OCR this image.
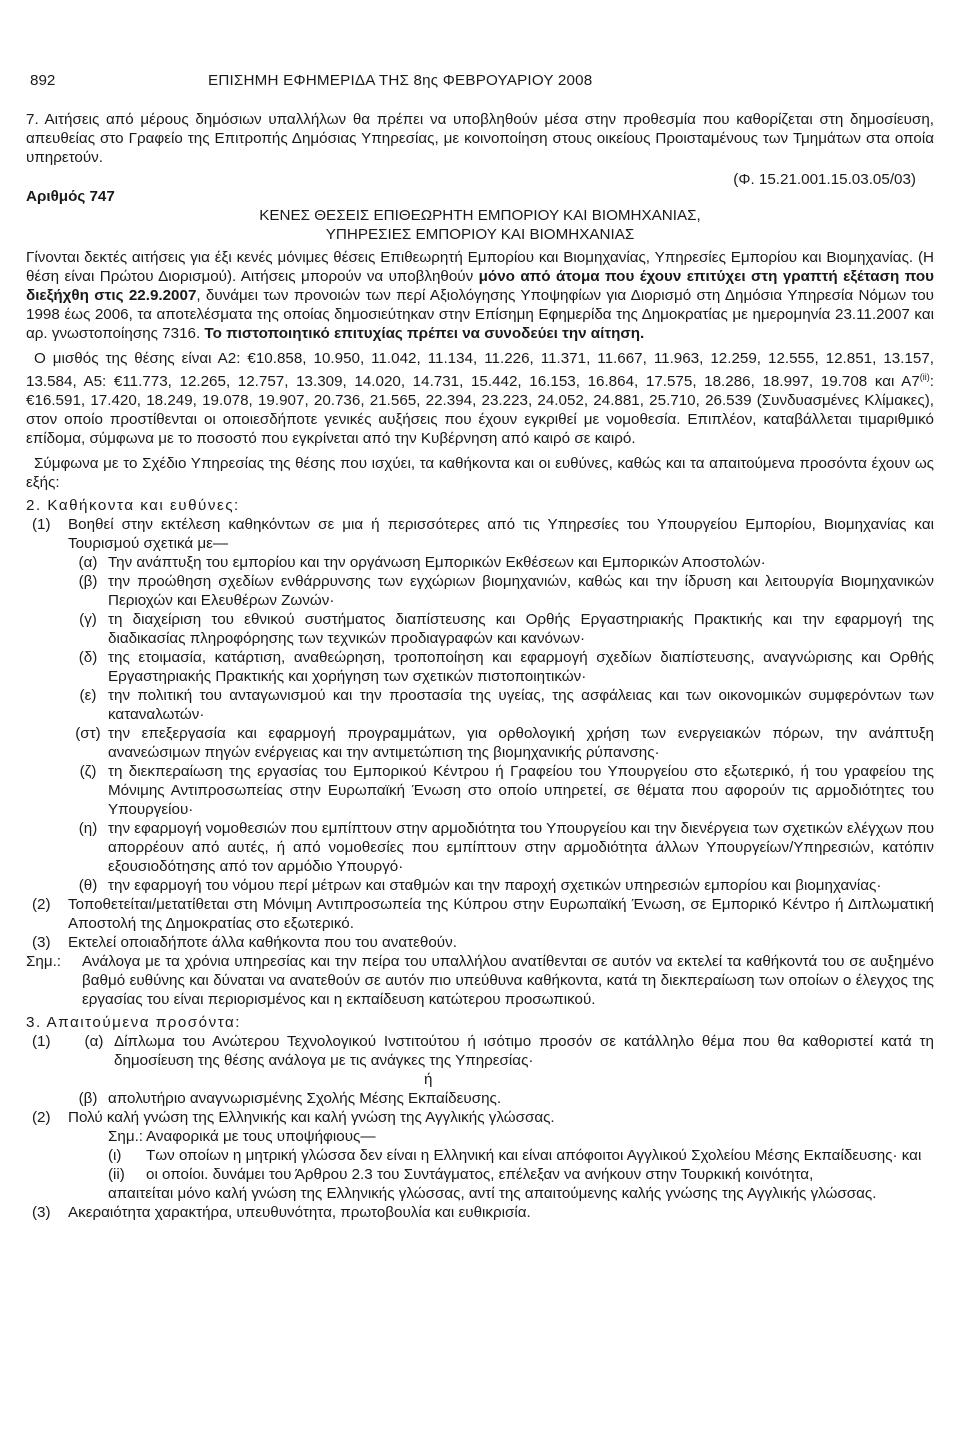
892	ΕΠΙΣΗΜΗ ΕΦΗΜΕΡΙΔΑ ΤΗΣ 8ης ΦΕΒΡΟΥΑΡΙΟΥ 2008

7. Αιτήσεις από μέρους δημόσιων υπαλλήλων θα πρέπει να υποβληθούν μέσα στην προθεσμία που καθορίζεται στη δημοσίευση, απευθείας στο Γραφείο της Επιτροπής Δημόσιας Υπηρεσίας, με κοινοποίηση στους οικείους Προισταμένους των Τμημάτων στα οποία υπηρετούν.

(Φ. 15.21.001.15.03.05/03)

Αριθμός 747

ΚΕΝΕΣ ΘΕΣΕΙΣ ΕΠΙΘΕΩΡΗΤΗ ΕΜΠΟΡΙΟΥ ΚΑΙ ΒΙΟΜΗΧΑΝΙΑΣ,

ΥΠΗΡΕΣΙΕΣ ΕΜΠΟΡΙΟΥ ΚΑΙ ΒΙΟΜΗΧΑΝΙΑΣ

Γίνονται δεκτές αιτήσεις για έξι κενές μόνιμες θέσεις Επιθεωρητή Εμπορίου και Βιομηχανίας, Υπηρεσίες Εμπορίου και Βιομηχανίας. (Η θέση είναι Πρώτου Διορισμού). Αιτήσεις μπορούν να υποβληθούν μόνο από άτομα που έχουν επιτύχει στη γραπτή εξέταση που διεξήχθη στις 22.9.2007, δυνάμει των προνοιών των περί Αξιολόγησης Υποψηφίων για Διορισμό στη Δημόσια Υπηρεσία Νόμων του 1998 έως 2006, τα αποτελέσματα της οποίας δημοσιεύτηκαν στην Επίσημη Εφημερίδα της Δημοκρατίας με ημερομηνία 23.11.2007 και αρ. γνωστοποίησης 7316. Το πιστοποιητικό επιτυχίας πρέπει να συνοδεύει την αίτηση.

Ο μισθός της θέσης είναι Α2: €10.858, 10.950, 11.042, 11.134, 11.226, 11.371, 11.667, 11.963, 12.259, 12.555, 12.851, 13.157, 13.584, Α5: €11.773, 12.265, 12.757, 13.309, 14.020, 14.731, 15.442, 16.153, 16.864, 17.575, 18.286, 18.997, 19.708 και Α7$^{(ii)}$: €16.591, 17.420, 18.249, 19.078, 19.907, 20.736, 21.565, 22.394, 23.223, 24.052, 24.881, 25.710, 26.539 (Συνδυασμένες Κλίμακες), στον οποίο προστίθενται οι οποιεσδήποτε γενικές αυξήσεις που έχουν εγκριθεί με νομοθεσία. Επιπλέον, καταβάλλεται τιμαριθμικό επίδομα, σύμφωνα με το ποσοστό που εγκρίνεται από την Κυβέρνηση από καιρό σε καιρό.

Σύμφωνα με το Σχέδιο Υπηρεσίας της θέσης που ισχύει, τα καθήκοντα και οι ευθύνες, καθώς και τα απαιτούμενα προσόντα έχουν ως εξής:

2. Καθήκοντα και ευθύνες:

(1)	Βοηθεί στην εκτέλεση καθηκόντων σε μια ή περισσότερες από τις Υπηρεσίες του Υπουργείου Εμπορίου, Βιομηχανίας και Τουρισμού σχετικά με—
(α) Την ανάπτυξη του εμπορίου και την οργάνωση Εμπορικών Εκθέσεων και Εμπορικών Αποστολών·
(β) την προώθηση σχεδίων ενθάρρυνσης των εγχώριων βιομηχανιών, καθώς και την ίδρυση και λειτουργία Βιομηχανικών Περιοχών και Ελευθέρων Ζωνών·
(γ) τη διαχείριση του εθνικού συστήματος διαπίστευσης και Ορθής Εργαστηριακής Πρακτικής και την εφαρμογή της διαδικασίας πληροφόρησης των τεχνικών προδιαγραφών και κανόνων·
(δ) της ετοιμασία, κατάρτιση, αναθεώρηση, τροποποίηση και εφαρμογή σχεδίων διαπίστευσης, αναγνώρισης και Ορθής Εργαστηριακής Πρακτικής και χορήγηση των σχετικών πιστοποιητικών·
(ε) την πολιτική του ανταγωνισμού και την προστασία της υγείας, της ασφάλειας και των οικονομικών συμφερόντων των καταναλωτών·
(στ) την επεξεργασία και εφαρμογή προγραμμάτων, για ορθολογική χρήση των ενεργειακών πόρων, την ανάπτυξη ανανεώσιμων πηγών ενέργειας και την αντιμετώπιση της βιομηχανικής ρύπανσης·
(ζ) τη διεκπεραίωση της εργασίας του Εμπορικού Κέντρου ή Γραφείου του Υπουργείου στο εξωτερικό, ή του γραφείου της Μόνιμης Αντιπροσωπείας στην Ευρωπαϊκή Ένωση στο οποίο υπηρετεί, σε θέματα που αφορούν τις αρμοδιότητες του Υπουργείου·
(η) την εφαρμογή νομοθεσιών που εμπίπτουν στην αρμοδιότητα του Υπουργείου και την διενέργεια των σχετικών ελέγχων που απορρέουν από αυτές, ή από νομοθεσίες που εμπίπτουν στην αρμοδιότητα άλλων Υπουργείων/Υπηρεσιών, κατόπιν εξουσιοδότησης από τον αρμόδιο Υπουργό·
(θ) την εφαρμογή του νόμου περί μέτρων και σταθμών και την παροχή σχετικών υπηρεσιών εμπορίου και βιομηχανίας·
(2)	Τοποθετείται/μετατίθεται στη Μόνιμη Αντιπροσωπεία της Κύπρου στην Ευρωπαϊκή Ένωση, σε Εμπορικό Κέντρο ή Διπλωματική Αποστολή της Δημοκρατίας στο εξωτερικό.
(3)	Εκτελεί οποιαδήποτε άλλα καθήκοντα που του ανατεθούν.
Σημ.:	Ανάλογα με τα χρόνια υπηρεσίας και την πείρα του υπαλλήλου ανατίθενται σε αυτόν να εκτελεί τα καθήκοντά του σε αυξημένο βαθμό ευθύνης και δύναται να ανατεθούν σε αυτόν πιο υπεύθυνα καθήκοντα, κατά τη διεκπεραίωση των οποίων ο έλεγχος της εργασίας του είναι περιορισμένος και η εκπαίδευση κατώτερου προσωπικού.

3. Απαιτούμενα προσόντα:

(1)	(α) Δίπλωμα του Ανώτερου Τεχνολογικού Ινστιτούτου ή ισότιμο προσόν σε κατάλληλο θέμα που θα καθοριστεί κατά τη δημοσίευση της θέσης ανάλογα με τις ανάγκες της Υπηρεσίας·

ή

(β) απολυτήριο αναγνωρισμένης Σχολής Μέσης Εκπαίδευσης.
(2)	Πολύ καλή γνώση της Ελληνικής και καλή γνώση της Αγγλικής γλώσσας.
Σημ.: Αναφορικά με τους υποψήφιους—
(ι)	Των οποίων η μητρική γλώσσα δεν είναι η Ελληνική και είναι απόφοιτοι Αγγλικού Σχολείου Μέσης Εκπαίδευσης· και
(ii)	οι οποίοι. δυνάμει του Άρθρου 2.3 του Συντάγματος, επέλεξαν να ανήκουν στην Τουρκική κοινότητα,

απαιτείται μόνο καλή γνώση της Ελληνικής γλώσσας, αντί της απαιτούμενης καλής γνώσης της Αγγλικής γλώσσας.

(3)	Ακεραιότητα χαρακτήρα, υπευθυνότητα, πρωτοβουλία και ευθικρισία.
